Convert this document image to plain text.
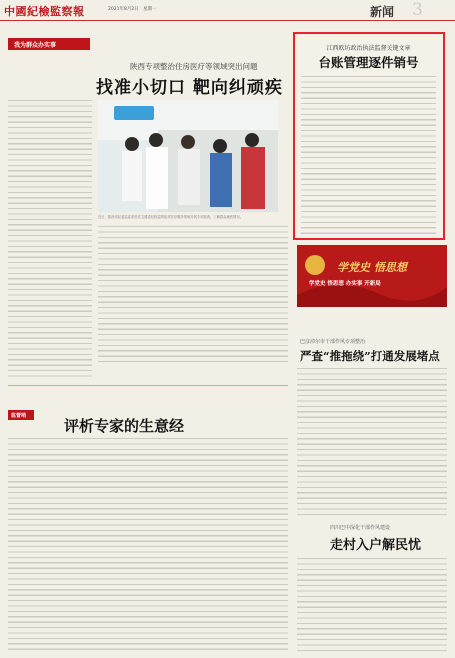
中國紀檢監察報	2021年8月2日　星期一	新闻 3
我为群众办实事
陕西专项整治住房医疗等领域突出问题
找准小切口 靶向纠顽疾
近日，陕西省纪委监委派驻省卫健委纪检监察组对医疗服务领域开展专项检查，了解群众就医情况。
江西欧坊政治执法监督关键文章
台账管理逐件销号
学党史 悟思想
学党史 悟思想 办实事 开新局
巴彦淖尔市干部作风专项整治
严查“推拖绕”打通发展堵点
监督哨
评析专家的生意经
四川巴中深化干部作风建设
走村入户解民忧
